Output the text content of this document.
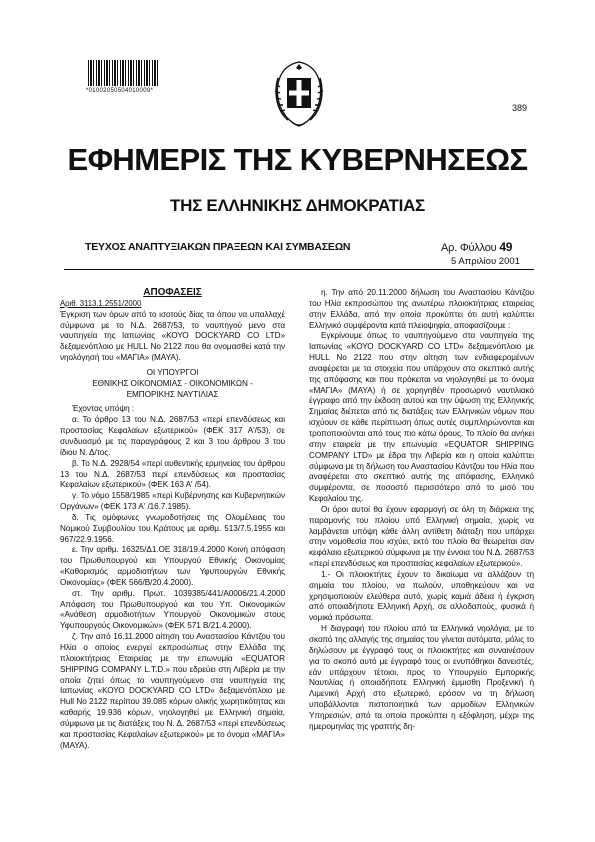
*01002050504010009*
389
ΕΦΗΜΕΡΙΣ ΤΗΣ ΚΥΒΕΡΝΗΣΕΩΣ
ΤΗΣ ΕΛΛΗΝΙΚΗΣ ΔΗΜΟΚΡΑΤΙΑΣ
ΤΕΥΧΟΣ ΑΝΑΠΤΥΞΙΑΚΩΝ ΠΡΑΞΕΩΝ ΚΑΙ ΣΥΜΒΑΣΕΩΝ	Αρ. Φύλλου 49
5 Απριλίου 2001

ΑΠΟΦΑΣΕΙΣ

Αριθ. 3113.1.2551/2000

Έγκριση των όρων από το ισοτούς δίας τα όπου να υπαλλαχέ σύμφωνα με το Ν.Δ. 2687/53, το ναυπηγού μενο στα ναυπηγεία της Ιαπωνίας «ΚΟΥΟ DOCKYARD CO LTD» δεξαμενόπλοιο με HULL No 2122 που θα ονομασθεί κατά την νηολόγησή του «ΜΑΓΙΑ» (MAYA).

ΟΙ ΥΠΟΥΡΓΟΙ

ΕΘΝΙΚΗΣ ΟΙΚΟΝΟΜΙΑΣ - ΟΙΚΟΝΟΜΙΚΩΝ -

ΕΜΠΟΡΙΚΗΣ ΝΑΥΤΙΛΙΑΣ

Έχοντας υπόψη :

α. Το άρθρο 13 του Ν.Δ. 2687/53 «περί επενδύσεως και προστασίας Κεφαλαίων εξωτερικού» (ΦΕΚ 317 Α'/53), σε συνδυασμό με τις παραγράφους 2 και 3 του άρθρου 3 του ίδιου Ν. Δ/τος.

β. Το Ν.Δ. 2928/54 «περί αυθεντικής ερμηνείας του άρθρου 13 του Ν.Δ. 2687/53 περί επενδύσεως και προστασίας Κεφαλαίων εξωτερικού» (ΦΕΚ 163 Α' /54).

γ. Το νόμο 1558/1985 «περί Κυβέρνησης και Κυβερνητικών Οργάνων» (ΦΕΚ 173 Α' /16.7.1985).

δ. Τις ομόφωνες γνωμοδοτήσεις της Ολομέλειας του Νομικού Συμβουλίου του Κράτους με αριθμ. 513/7.5.1955 και 967/22.9.1956.

ε. Την αριθμ. 16325/Δ1.ΟΕ 318/19.4.2000 Κοινή απόφαση του Πρωθυπουργού και Υπουργού Εθνικής Οικονομίας «Καθορισμός αρμοδιοτήτων των Υφυπουργών Εθνικής Οικονομίας» (ΦΕΚ 566/Β/20.4.2000).

στ. Την αριθμ. Πρωτ. 1039385/441/Α0006/21.4.2000 Απόφαση του Πρωθυπουργού και του Υπ. Οικονομικών «Ανάθεση αρμοδιοτήτων Υπουργού Οικονομικών στους Υφυπουργούς Οικονομικών» (ΦΕΚ 571 Β/21.4.2000).

ζ. Την από 16.11.2000 αίτηση του Αναστασίου Κάντζου του Ηλία ο οποίος ενεργεί εκπροσώπως στην Ελλάδα της πλοιοκτήτριας Εταιρείας με την επωνυμία «EQUATOR SHIPPING COMPANY L.T.D.» που εδρεύει στη Λιβερία με την οποία ζητεί όπως το ναυπηγούμενο στα ναυπηγεία της Ιαπωνίας «ΚΟΥΟ DOCKYARD CO LTD» δεξαμενόπλοιο με Hull No 2122 περίπου 39.085 κόρων ολικής χωρητικότητας και καθαρής 19.936 κόρων, νηολογηθεί με Ελληνική σημαία, σύμφωνα με τις διατάξεις του Ν. Δ. 2687/53 «περί επενδύσεως και προστασίας Κεφαλαίων εξωτερικού» με το όνομα «ΜΑΓΙΑ» (MAYA).

η. Την από 20.11.2000 δήλωση του Αναστασίου Κάντζου του Ηλία εκπροσώπου της ανωτέρω πλοιοκτήτριας εταιρείας στην Ελλάδα, από την οποία προκύπτει ότι αυτή καλύπτει Ελληνικό συμφέροντα κατά πλειοψηφία, αποφασίζουμε :

Εγκρίνουμε όπως το ναυπηγούμενο στα ναυπηγεία της Ιαπωνίας «ΚΟΥΟ DOCKYARD CO LTD» δεξαμενόπλοιο με HULL No 2122 που στην αίτηση των ενδιαφερομένων αναφέρεται με τα στοιχεία που υπάρχουν στο σκεπτικό αυτής της απόφασης και που πρόκειται να νηολογηθεί με το όνομα «ΜΑΓΙΑ» (MAYA) ή σε χορηγηθέν προσωρινό ναυτιλιακό έγγραφο από την έκδοση αυτού και την ύψωση της Ελληνικής Σημαίας διέπεται από τις διατάξεις των Ελληνικών νόμων που ισχύουν σε κάθε περίπτωση όπως αυτές συμπληρώνονται και τροποποιούνται από τους πιο κάτω όρους. Το πλοίο θα ανήκει στην εταιρεία με την επωνυμία «EQUATOR SHIPPING COMPANY LTD» με έδρα την Λιβερία και η οποία καλύπτει σύμφωνα με τη δήλωση του Αναστασίου Κάντζου του Ηλία που αναφέρεται στο σκεπτικό αυτής της απόφασης, Ελληνικό συμφέροντα, σε ποσοστό περισσότερο από το μισό του Κεφαλαίου της.

Οι όροι αυτοί θα έχουν εφαρμογή σε όλη τη διάρκεια της παραμονής του πλοίου υπό Ελληνική σημαία, χωρίς να λαμβάνεται υπόψη κάθε άλλη αντίθετη διάταξη που υπάρχει στην νομοθεσία που ισχύει, εκτό του πλοίο θα θεωρείται σαν κεφάλαιο εξωτερικού σύμφωνα με την έννοια του Ν.Δ. 2687/53 «περί επενδύσεως και προστασίας κεφαλαίων εξωτερικού».

1.- Οι πλοιοκτήτες έχουν το δικαίωμα να αλλάζουν τη σημαία του πλοίου, να πωλούν, υποθηκεύουν και να χρησιμοποιούν ελεύθερα αυτό, χωρίς καμιά άδεια ή έγκριση από οποιαδήποτε Ελληνική Αρχή, σε αλλοδαπούς, φυσικά ή νομικά πρόσωπα.

Η διαγραφή του πλοίου από τα Ελληνικά νηολόγια, με το σκοπό της αλλαγής της σημαίας του γίνεται αυτόματα, μόλις το δηλώσουν με έγγραφό τους οι πλοιοκτήτες και συναινέσουν για το σκοπό αυτό με έγγραφό τους οι ενυπόθηκοι δανειστές, εάν υπάρχουν τέτοιοι, προς το Υπουργείο Εμπορικής Ναυτιλίας ή οποιαδήποτε Ελληνική έμμισθη Προξενική ή Λιμενική Αρχή στο εξωτερικό, ερόσον να τη δήλωση υποβάλλονται πιστοποιητικά των αρμοδίων Ελληνικών Υπηρεσιών, από τα οποία προκύπτει η εξόφληση, μέχρι της ημερομηνίας της γραπτής δη-
